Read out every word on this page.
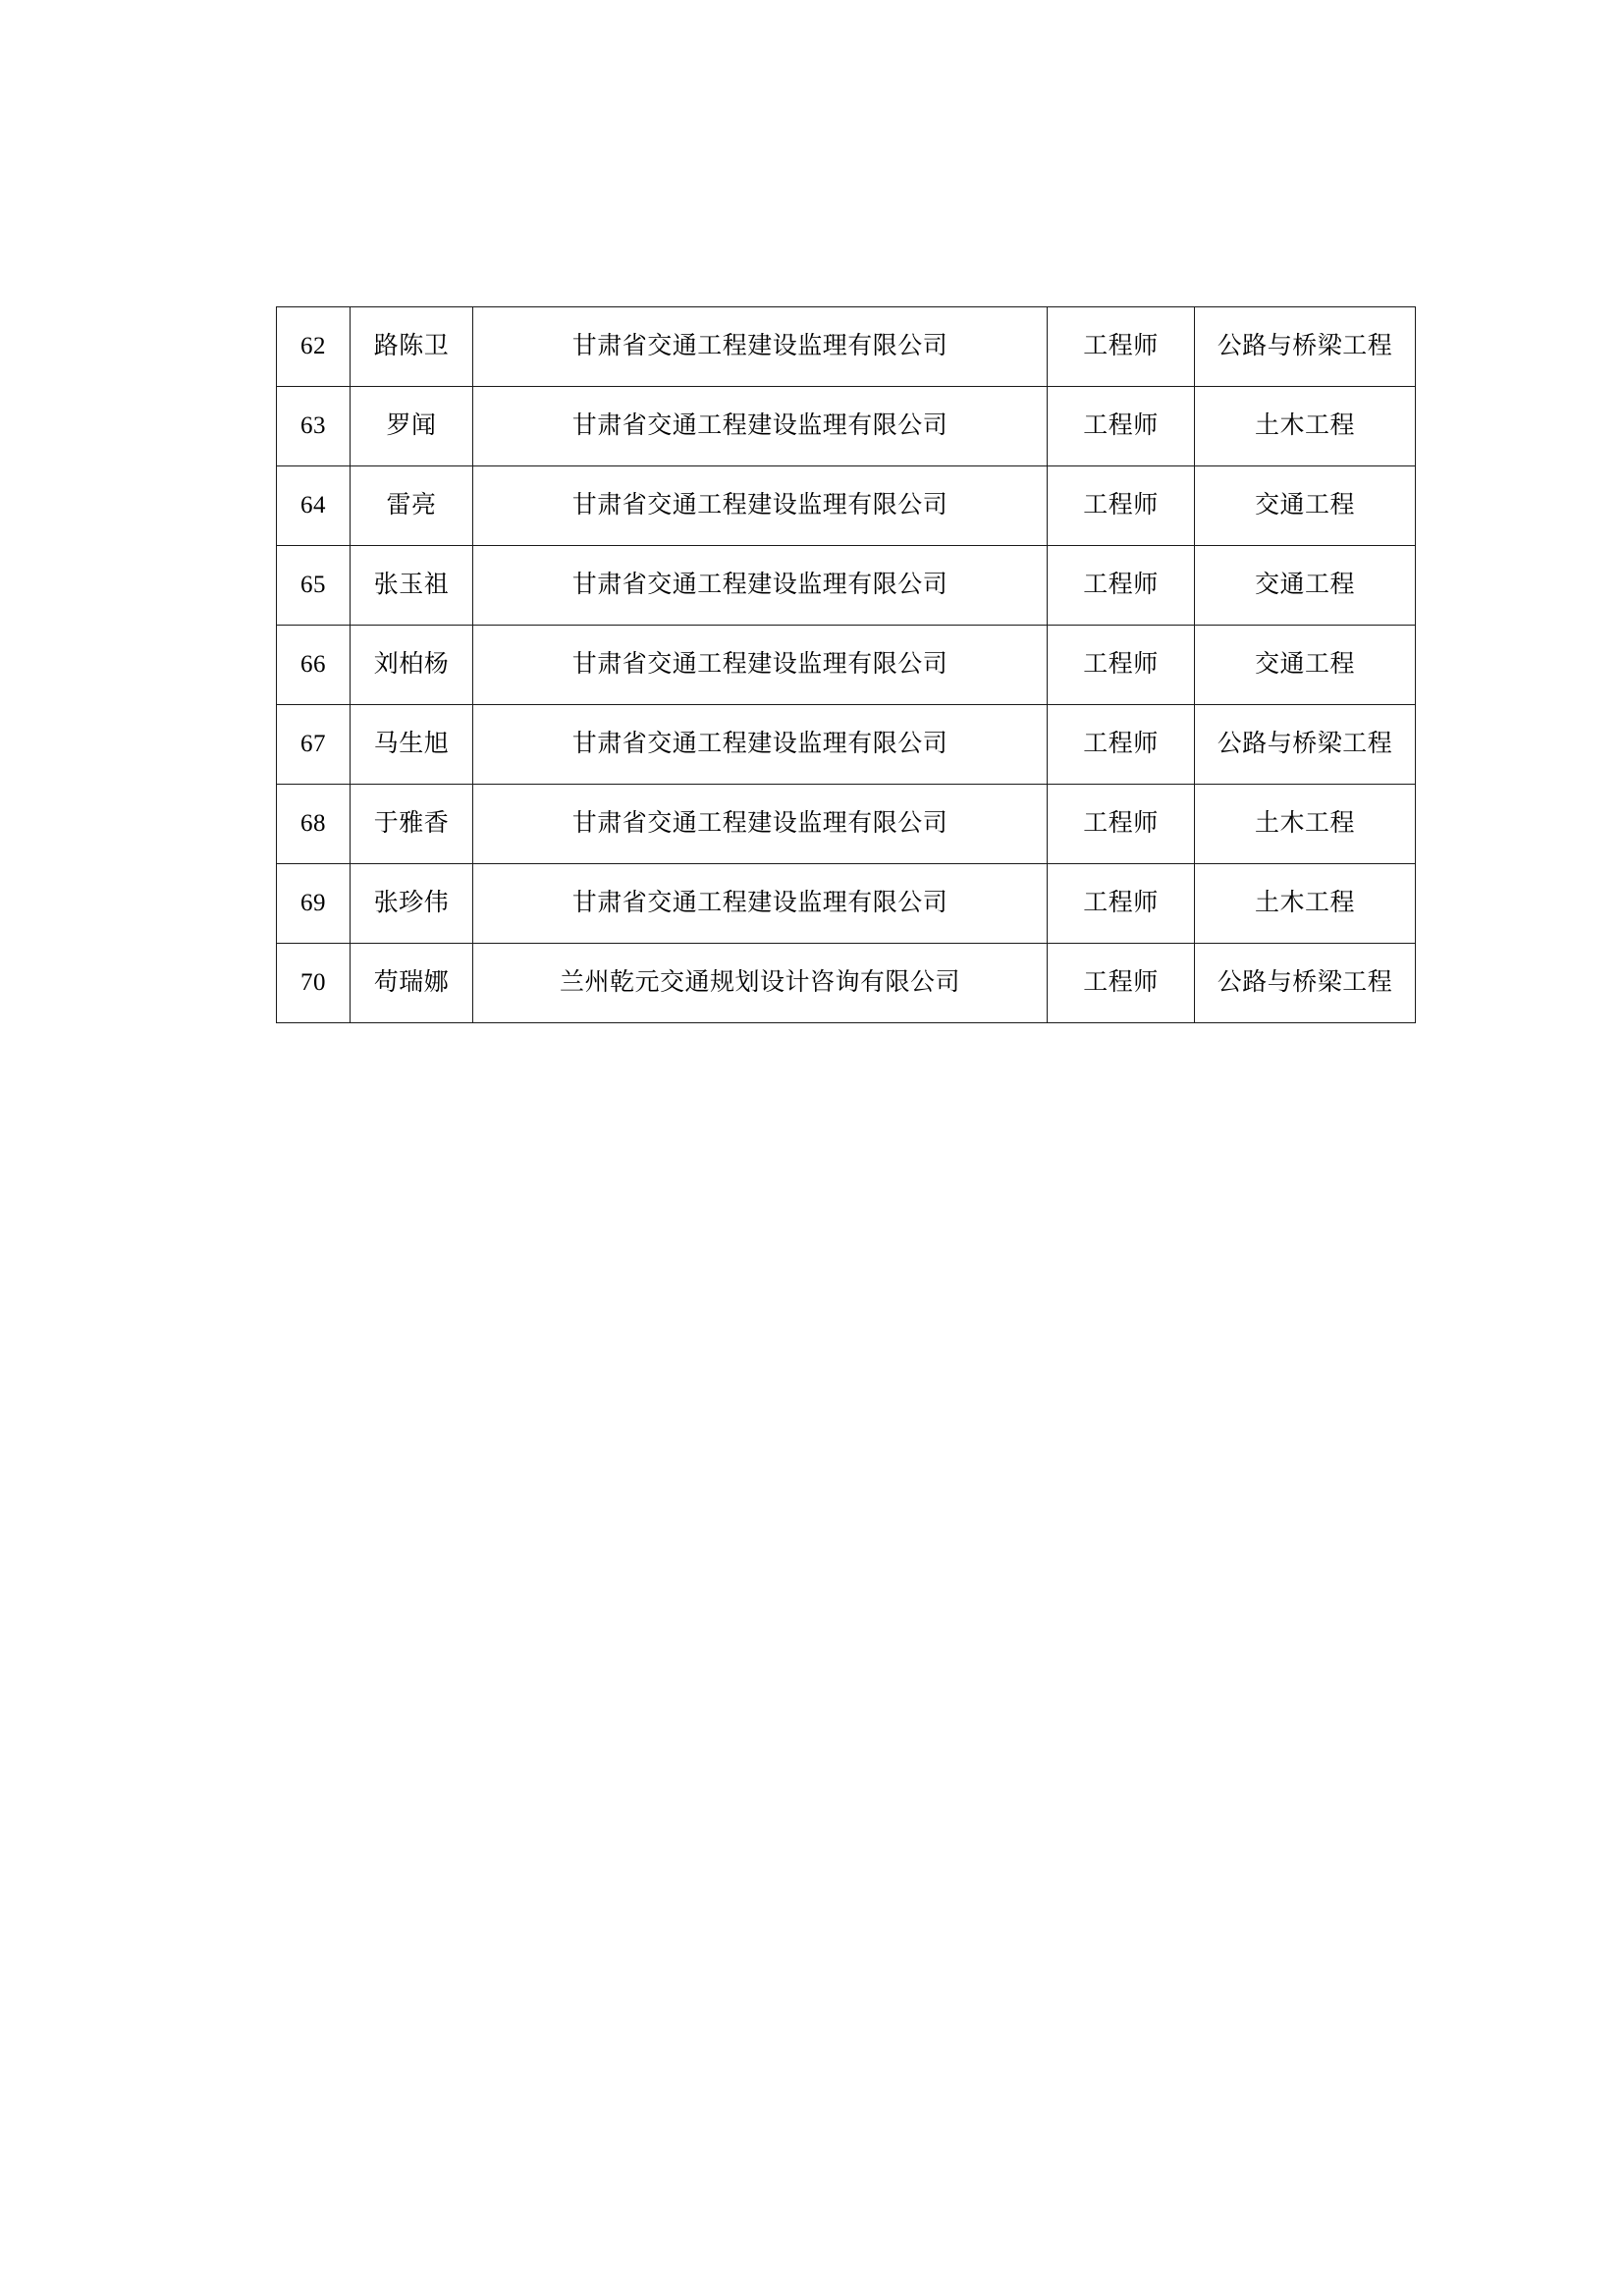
62	路陈卫	甘肃省交通工程建设监理有限公司	工程师	公路与桥梁工程
63	罗闻	甘肃省交通工程建设监理有限公司	工程师	土木工程
64	雷亮	甘肃省交通工程建设监理有限公司	工程师	交通工程
65	张玉祖	甘肃省交通工程建设监理有限公司	工程师	交通工程
66	刘柏杨	甘肃省交通工程建设监理有限公司	工程师	交通工程
67	马生旭	甘肃省交通工程建设监理有限公司	工程师	公路与桥梁工程
68	于雅香	甘肃省交通工程建设监理有限公司	工程师	土木工程
69	张珍伟	甘肃省交通工程建设监理有限公司	工程师	土木工程
70	苟瑞娜	兰州乾元交通规划设计咨询有限公司	工程师	公路与桥梁工程
